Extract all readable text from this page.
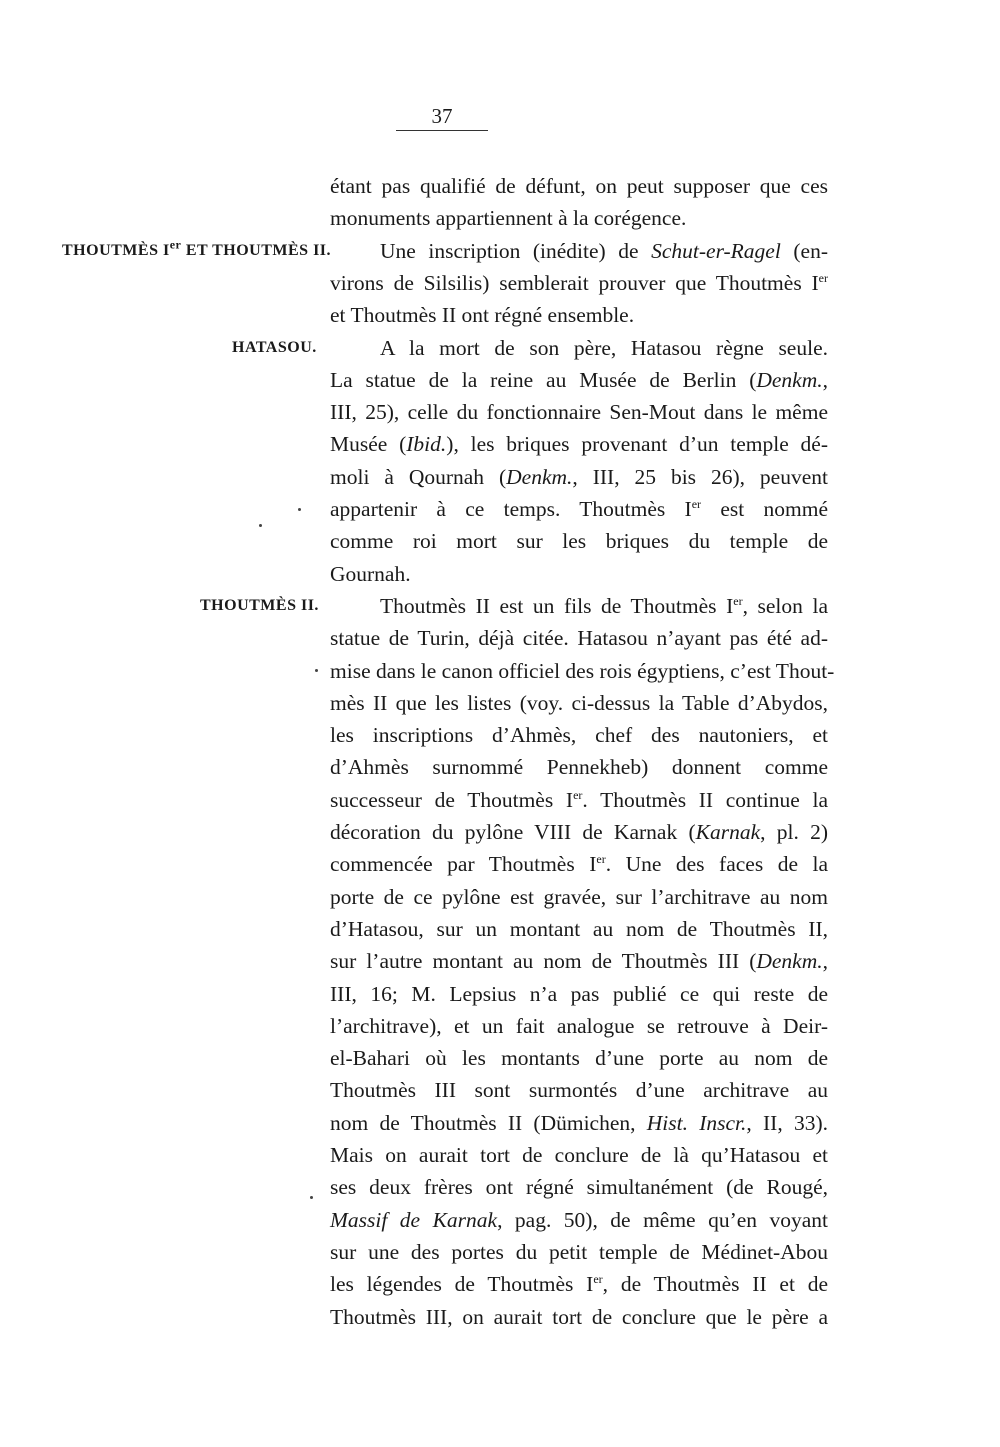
37
THOUTMÈS Ier ET THOUTMÈS II.
HATASOU.
THOUTMÈS II.
étant pas qualifié de défunt, on peut supposer que ces
monuments appartiennent à la corégence.
Une inscription (inédite) de Schut-er-Ragel (en-
virons de Silsilis) semblerait prouver que Thoutmès Ier
et Thoutmès II ont régné ensemble.
A la mort de son père, Hatasou règne seule.
La statue de la reine au Musée de Berlin (Denkm.,
III, 25), celle du fonctionnaire Sen-Mout dans le même
Musée (Ibid.), les briques provenant d’un temple dé-
moli à Qournah (Denkm., III, 25 bis 26), peuvent
appartenir à ce temps. Thoutmès Ier est nommé
comme roi mort sur les briques du temple de
Gournah.
Thoutmès II est un fils de Thoutmès Ier, selon la
statue de Turin, déjà citée. Hatasou n’ayant pas été ad-
mise dans le canon officiel des rois égyptiens, c’est Thout-
mès II que les listes (voy. ci-dessus la Table d’Abydos,
les inscriptions d’Ahmès, chef des nautoniers, et
d’Ahmès surnommé Pennekheb) donnent comme
successeur de Thoutmès Ier. Thoutmès II continue la
décoration du pylône VIII de Karnak (Karnak, pl. 2)
commencée par Thoutmès Ier. Une des faces de la
porte de ce pylône est gravée, sur l’architrave au nom
d’Hatasou, sur un montant au nom de Thoutmès II,
sur l’autre montant au nom de Thoutmès III (Denkm.,
III, 16; M. Lepsius n’a pas publié ce qui reste de
l’architrave), et un fait analogue se retrouve à Deir-
el-Bahari où les montants d’une porte au nom de
Thoutmès III sont surmontés d’une architrave au
nom de Thoutmès II (Dümichen, Hist. Inscr., II, 33).
Mais on aurait tort de conclure de là qu’Hatasou et
ses deux frères ont régné simultanément (de Rougé,
Massif de Karnak, pag. 50), de même qu’en voyant
sur une des portes du petit temple de Médinet-Abou
les légendes de Thoutmès Ier, de Thoutmès II et de
Thoutmès III, on aurait tort de conclure que le père a
